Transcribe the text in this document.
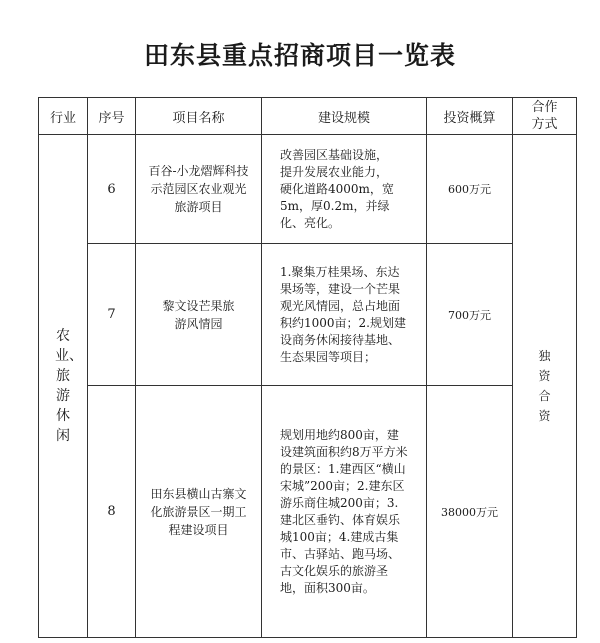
田东县重点招商项目一览表
行业	序号	项目名称	建设规模	投资概算	合作方式
农业、旅游休闲	6	百谷-小龙熠辉科技示范园区农业观光旅游项目	改善园区基础设施，
提升发展农业能力，
硬化道路4000m，宽
5m，厚0.2m，并绿
化、亮化。	600万元	独资合资
	7	黎文设芒果旅游风情园	1.聚集万桂果场、东达果场等，建设一个芒果观光风情园，总占地面积约1000亩；2.规划建设商务休闲接待基地、生态果园等项目；	700万元	
	8	田东县横山古寨文化旅游景区一期工程建设项目	规划用地约800亩，建设建筑面积约8万平方米的景区：1.建西区“横山宋城”200亩；2.建东区游乐商住城200亩；3.建北区垂钓、体育娱乐城100亩；4.建成古集市、古驿站、跑马场、古文化娱乐的旅游圣地，面积300亩。	38000万元	
